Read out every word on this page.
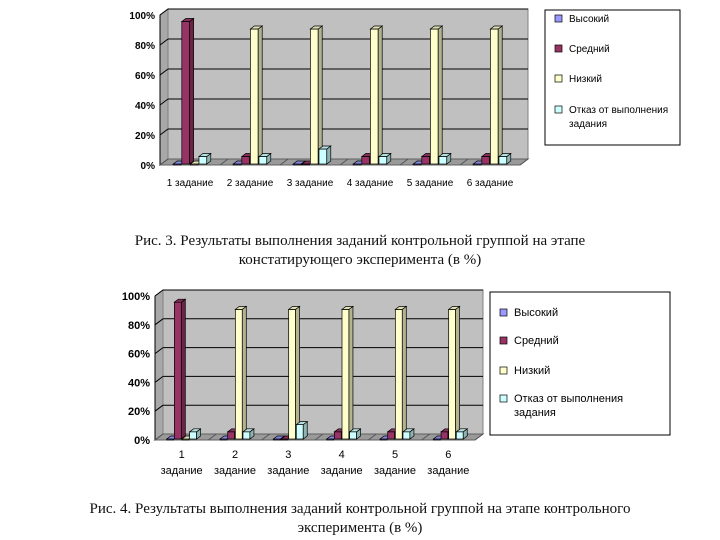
0%
20%
40%
60%
80%
100%
1 задание 2 задание 3 задание 4 задание 5 задание 6 задание
Высокий
Средний
Низкий
Отказ от выполнения
задания
0%
20%
40%
60%
80%
100%
1
задание
2
задание
3
задание
4
задание
5
задание
6
задание
Высокий
Средний
Низкий
Отказ от выполнения
задания
Рис. 3. Результаты выполнения заданий контрольной группой на этапе
констатирующего эксперимента (в %)
Рис. 4. Результаты выполнения заданий контрольной группой на этапе контрольного
эксперимента (в %)
